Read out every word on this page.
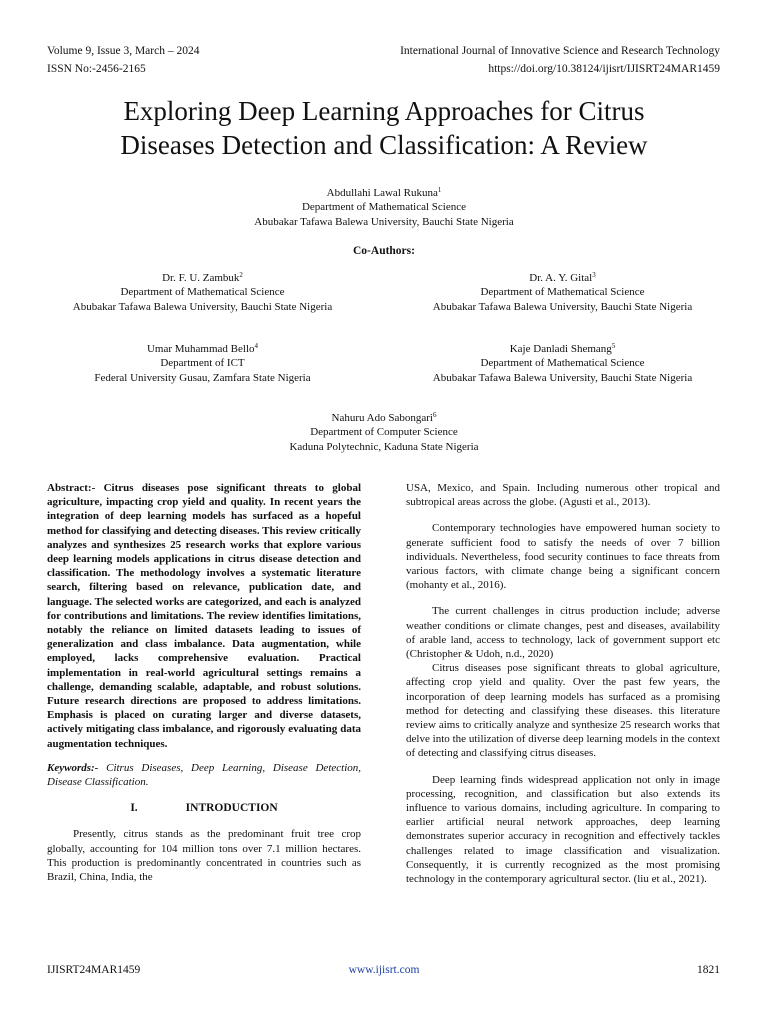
Volume 9, Issue 3, March – 2024
ISSN No:-2456-2165
International Journal of Innovative Science and Research Technology
https://doi.org/10.38124/ijisrt/IJISRT24MAR1459
Exploring Deep Learning Approaches for Citrus
Diseases Detection and Classification: A Review
Abdullahi Lawal Rukuna$^1$
Department of Mathematical Science
Abubakar Tafawa Balewa University, Bauchi State Nigeria
Co-Authors:
Dr. F. U. Zambuk$^2$
Department of Mathematical Science
Abubakar Tafawa Balewa University, Bauchi State Nigeria
Dr. A. Y. Gital$^3$
Department of Mathematical Science
Abubakar Tafawa Balewa University, Bauchi State Nigeria
Umar Muhammad Bello$^4$
Department of ICT
Federal University Gusau, Zamfara State Nigeria
Kaje Danladi Shemang$^5$
Department of Mathematical Science
Abubakar Tafawa Balewa University, Bauchi State Nigeria
Nahuru Ado Sabongari$^6$
Department of Computer Science
Kaduna Polytechnic, Kaduna State Nigeria

Abstract:- Citrus diseases pose significant threats to global agriculture, impacting crop yield and quality. In recent years the integration of deep learning models has surfaced as a hopeful method for classifying and detecting diseases. This review critically analyzes and synthesizes 25 research works that explore various deep learning models applications in citrus disease detection and classification. The methodology involves a systematic literature search, filtering based on relevance, publication date, and language. The selected works are categorized, and each is analyzed for contributions and limitations. The review identifies limitations, notably the reliance on limited datasets leading to issues of generalization and class imbalance. Data augmentation, while employed, lacks comprehensive evaluation. Practical implementation in real-world agricultural settings remains a challenge, demanding scalable, adaptable, and robust solutions. Future research directions are proposed to address limitations. Emphasis is placed on curating larger and diverse datasets, actively mitigating class imbalance, and rigorously evaluating data augmentation techniques.

Keywords:- Citrus Diseases, Deep Learning, Disease Detection, Disease Classification.

I.	INTRODUCTION

Presently, citrus stands as the predominant fruit tree crop globally, accounting for 104 million tons over 7.1 million hectares. This production is predominantly concentrated in countries such as Brazil, China, India, the

USA, Mexico, and Spain. Including numerous other tropical and subtropical areas across the globe. (Agusti et al., 2013).

Contemporary technologies have empowered human society to generate sufficient food to satisfy the needs of over 7 billion individuals. Nevertheless, food security continues to face threats from various factors, with climate change being a significant concern (mohanty et al., 2016).

The current challenges in citrus production include; adverse weather conditions or climate changes, pest and diseases, availability of arable land, access to technology, lack of government support etc (Christopher & Udoh, n.d., 2020)

Citrus diseases pose significant threats to global agriculture, affecting crop yield and quality. Over the past few years, the incorporation of deep learning models has surfaced as a promising method for detecting and classifying these diseases. this literature review aims to critically analyze and synthesize 25 research works that delve into the utilization of diverse deep learning models in the context of detecting and classifying citrus diseases.

Deep learning finds widespread application not only in image processing, recognition, and classification but also extends its influence to various domains, including agriculture. In comparing to earlier artificial neural network approaches, deep learning demonstrates superior accuracy in recognition and effectively tackles challenges related to image classification and visualization. Consequently, it is currently recognized as the most promising technology in the contemporary agricultural sector. (liu et al., 2021).

IJISRT24MAR1459	www.ijisrt.com	1821
